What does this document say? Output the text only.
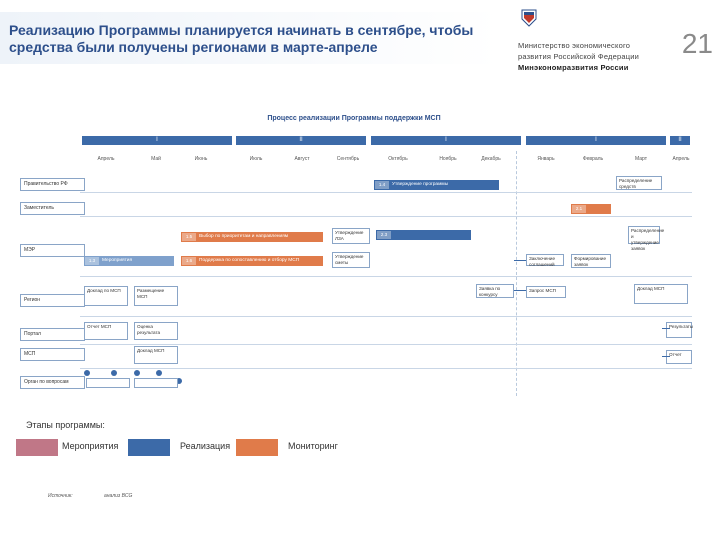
Реализацию Программы планируется начинать в сентябре, чтобы средства были получены регионами в марте-апреле	Министерство экономического
развития Российской Федерации
Минэкономразвития России
21
Процесс реализации Программы поддержки МСП
I	II	I	I	II
Апрель	Май	Июнь	Июль	Август	Сентябрь	Октябрь	Ноябрь	Декабрь	Январь	Февраль	Март	Апрель
Правительство РФ
Заместитель
МЭР
Регион
Портал
МСП
Орган по вопросам
1.4	Утверждение программы
2.1
1.5	Выбор по приоритетам и направлениям
1.6	Поддержка по сопоставлению и отбору МСП
1.3	Мероприятия
2.3
Распределение средств
Распределение и утверждение заявок
Утверждение ЛЗА
Утверждение сметы
Заключение соглашений
Формирование заявок
Заявка по конкурсу
Запрос МСП
Доклад по МСП	Размещение МСП
Доклад МСП
Отчет МСП	Оценка результата
Результаты
Доклад МСП
Отчет
Этапы программы:
Мероприятия	Реализация	Мониторинг
Источник:	анализ BCG
